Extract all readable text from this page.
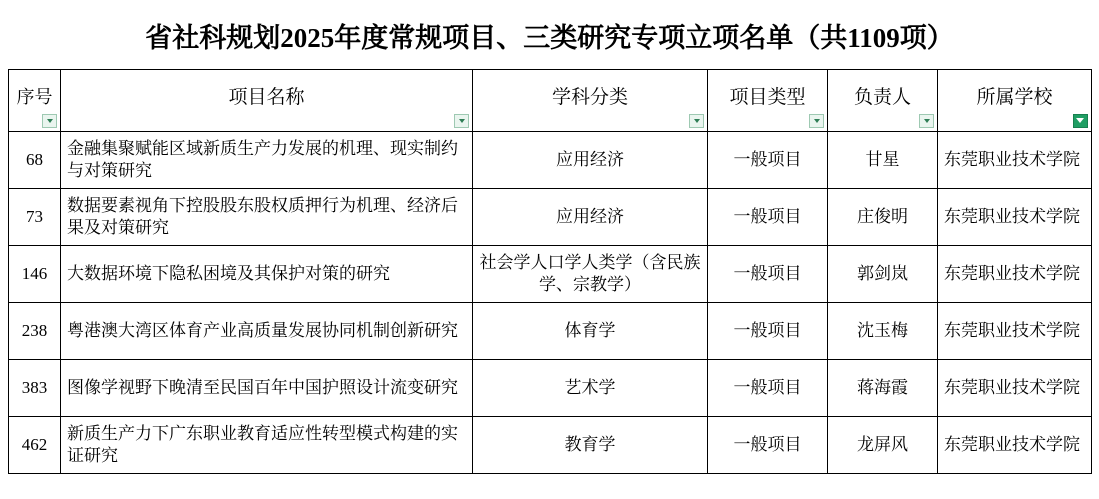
省社科规划2025年度常规项目、三类研究专项立项名单（共1109项）
序号	项目名称	学科分类	项目类型	负责人	所属学校

68	金融集聚赋能区域新质生产力发展的机理、现实制约与对策研究	应用经济	一般项目	甘星	东莞职业技术学院
73	数据要素视角下控股股东股权质押行为机理、经济后果及对策研究	应用经济	一般项目	庄俊明	东莞职业技术学院
146	大数据环境下隐私困境及其保护对策的研究	社会学人口学人类学（含民族学、宗教学）	一般项目	郭剑岚	东莞职业技术学院
238	粤港澳大湾区体育产业高质量发展协同机制创新研究	体育学	一般项目	沈玉梅	东莞职业技术学院
383	图像学视野下晚清至民国百年中国护照设计流变研究	艺术学	一般项目	蒋海霞	东莞职业技术学院
462	新质生产力下广东职业教育适应性转型模式构建的实证研究	教育学	一般项目	龙屏风	东莞职业技术学院
